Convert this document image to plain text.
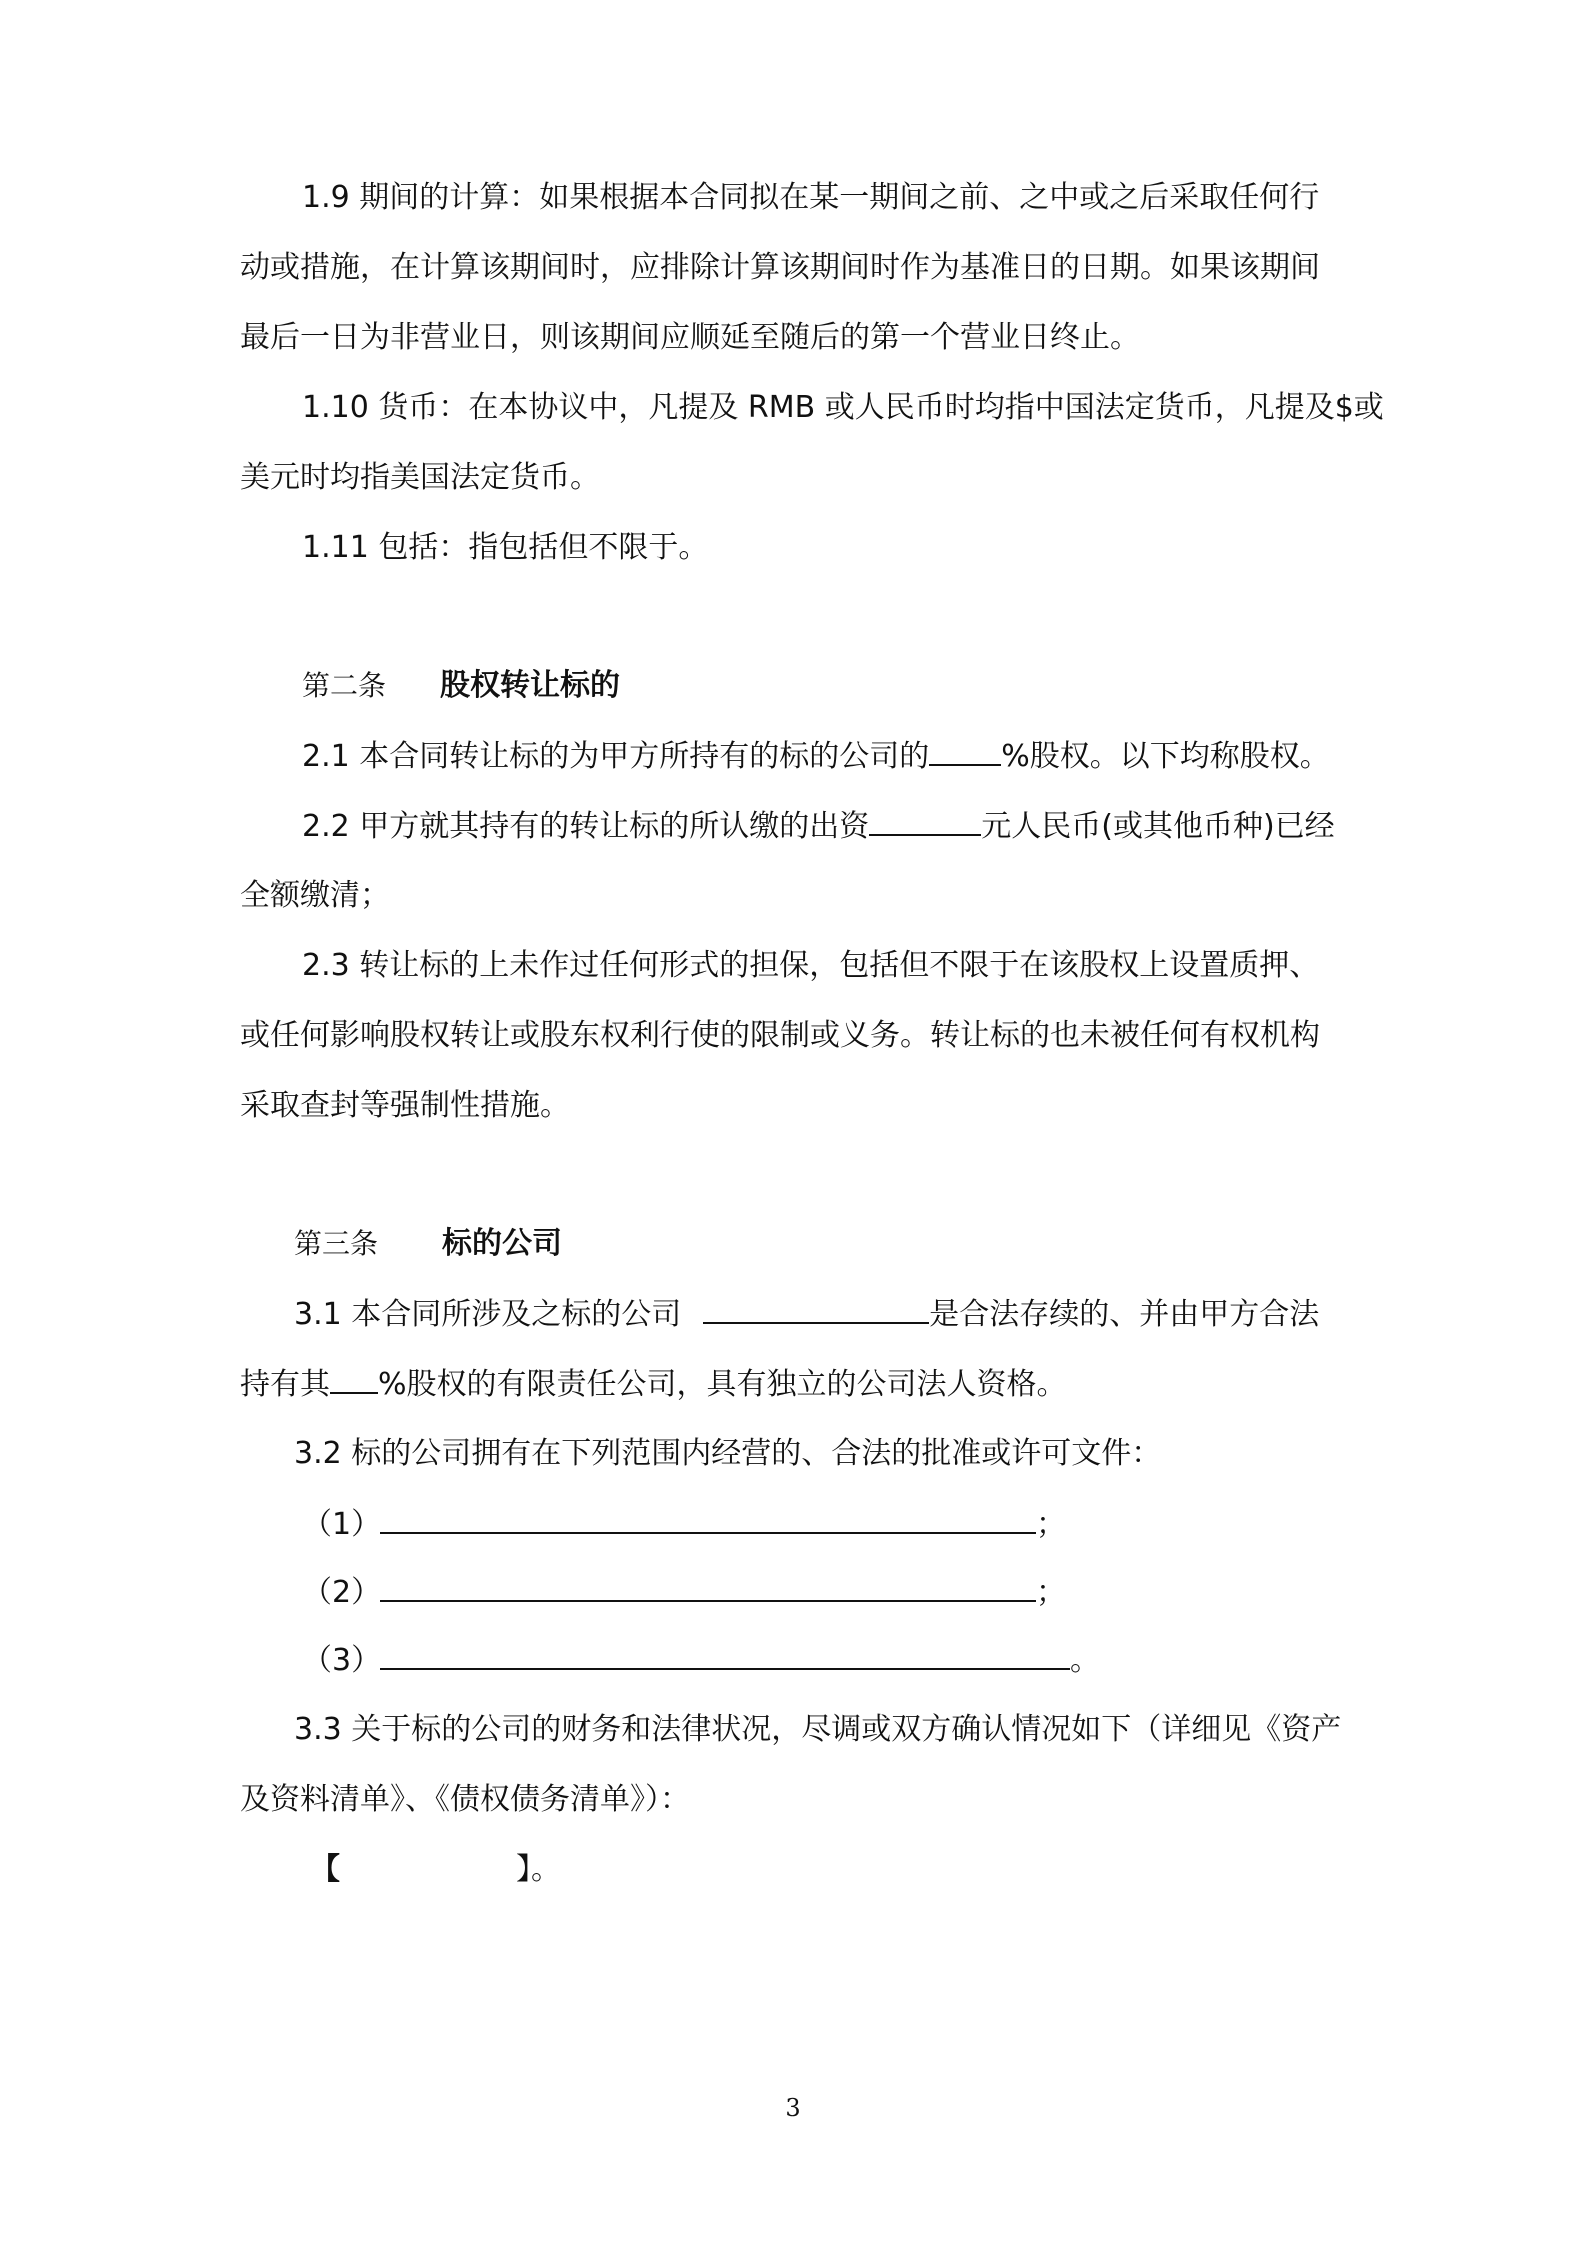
1.9 期间的计算：如果根据本合同拟在某一期间之前、之中或之后采取任何行
动或措施，在计算该期间时，应排除计算该期间时作为基准日的日期。如果该期间
最后一日为非营业日，则该期间应顺延至随后的第一个营业日终止。
1.10 货币：在本协议中，凡提及 RMB 或人民币时均指中国法定货币，凡提及$或
美元时均指美国法定货币。
1.11 包括：指包括但不限于。
第二条 股权转让标的
2.1 本合同转让标的为甲方所持有的标的公司的 %股权。以下均称股权。
2.2 甲方就其持有的转让标的所认缴的出资	元人民币(或其他币种)已经
全额缴清；
2.3 转让标的上未作过任何形式的担保，包括但不限于在该股权上设置质押、
或任何影响股权转让或股东权利行使的限制或义务。转让标的也未被任何有权机构
采取查封等强制性措施。
第三条 标的公司
3.1 本合同所涉及之标的公司	是合法存续的、并由甲方合法
持有其 %股权的有限责任公司，具有独立的公司法人资格。
3.2 标的公司拥有在下列范围内经营的、合法的批准或许可文件：
（1）	；
（2）	；
（3）	。
3.3 关于标的公司的财务和法律状况，尽调或双方确认情况如下（详细见《资产
及资料清单》、《债权债务清单》）：
【	】。
3
